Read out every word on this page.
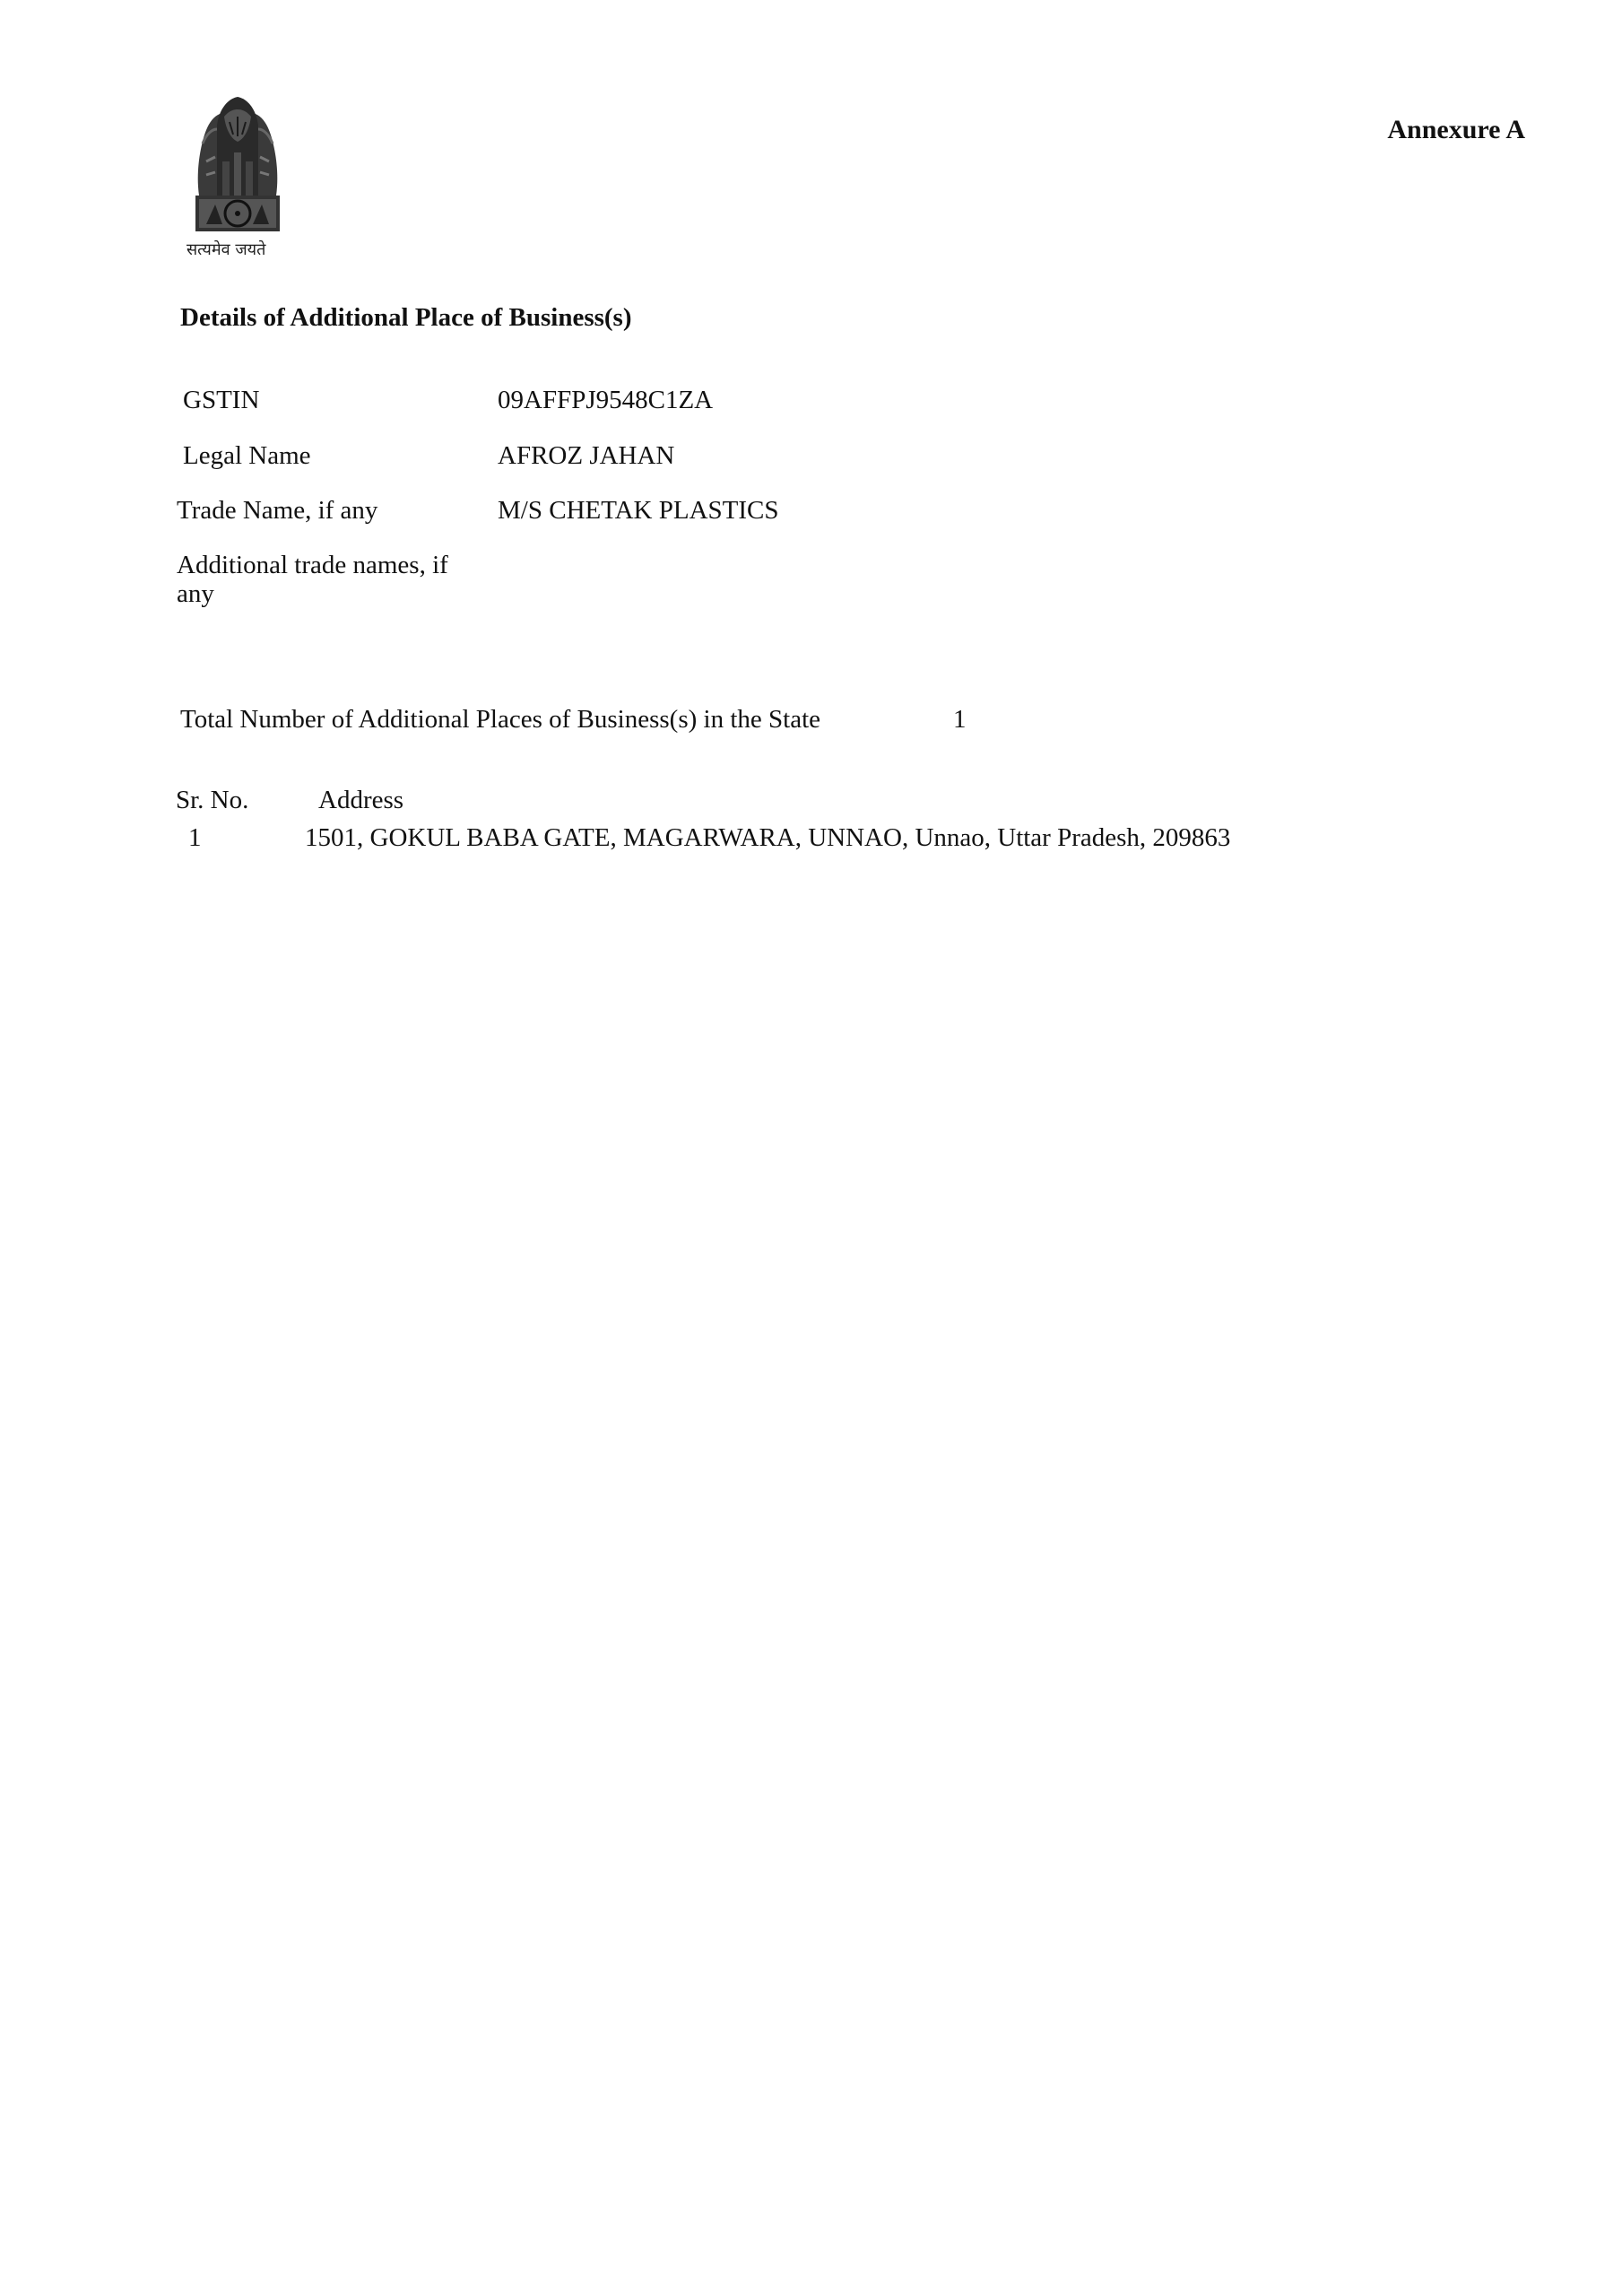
सत्यमेव जयते
Annexure A
Details of Additional Place of Business(s)
GSTIN	09AFFPJ9548C1ZA
Legal Name	AFROZ JAHAN
Trade Name, if any	M/S CHETAK PLASTICS
Additional trade names, if any
Total Number of Additional Places of Business(s) in the State	1
Sr. No.	Address
1	1501, GOKUL BABA GATE, MAGARWARA, UNNAO, Unnao, Uttar Pradesh, 209863
